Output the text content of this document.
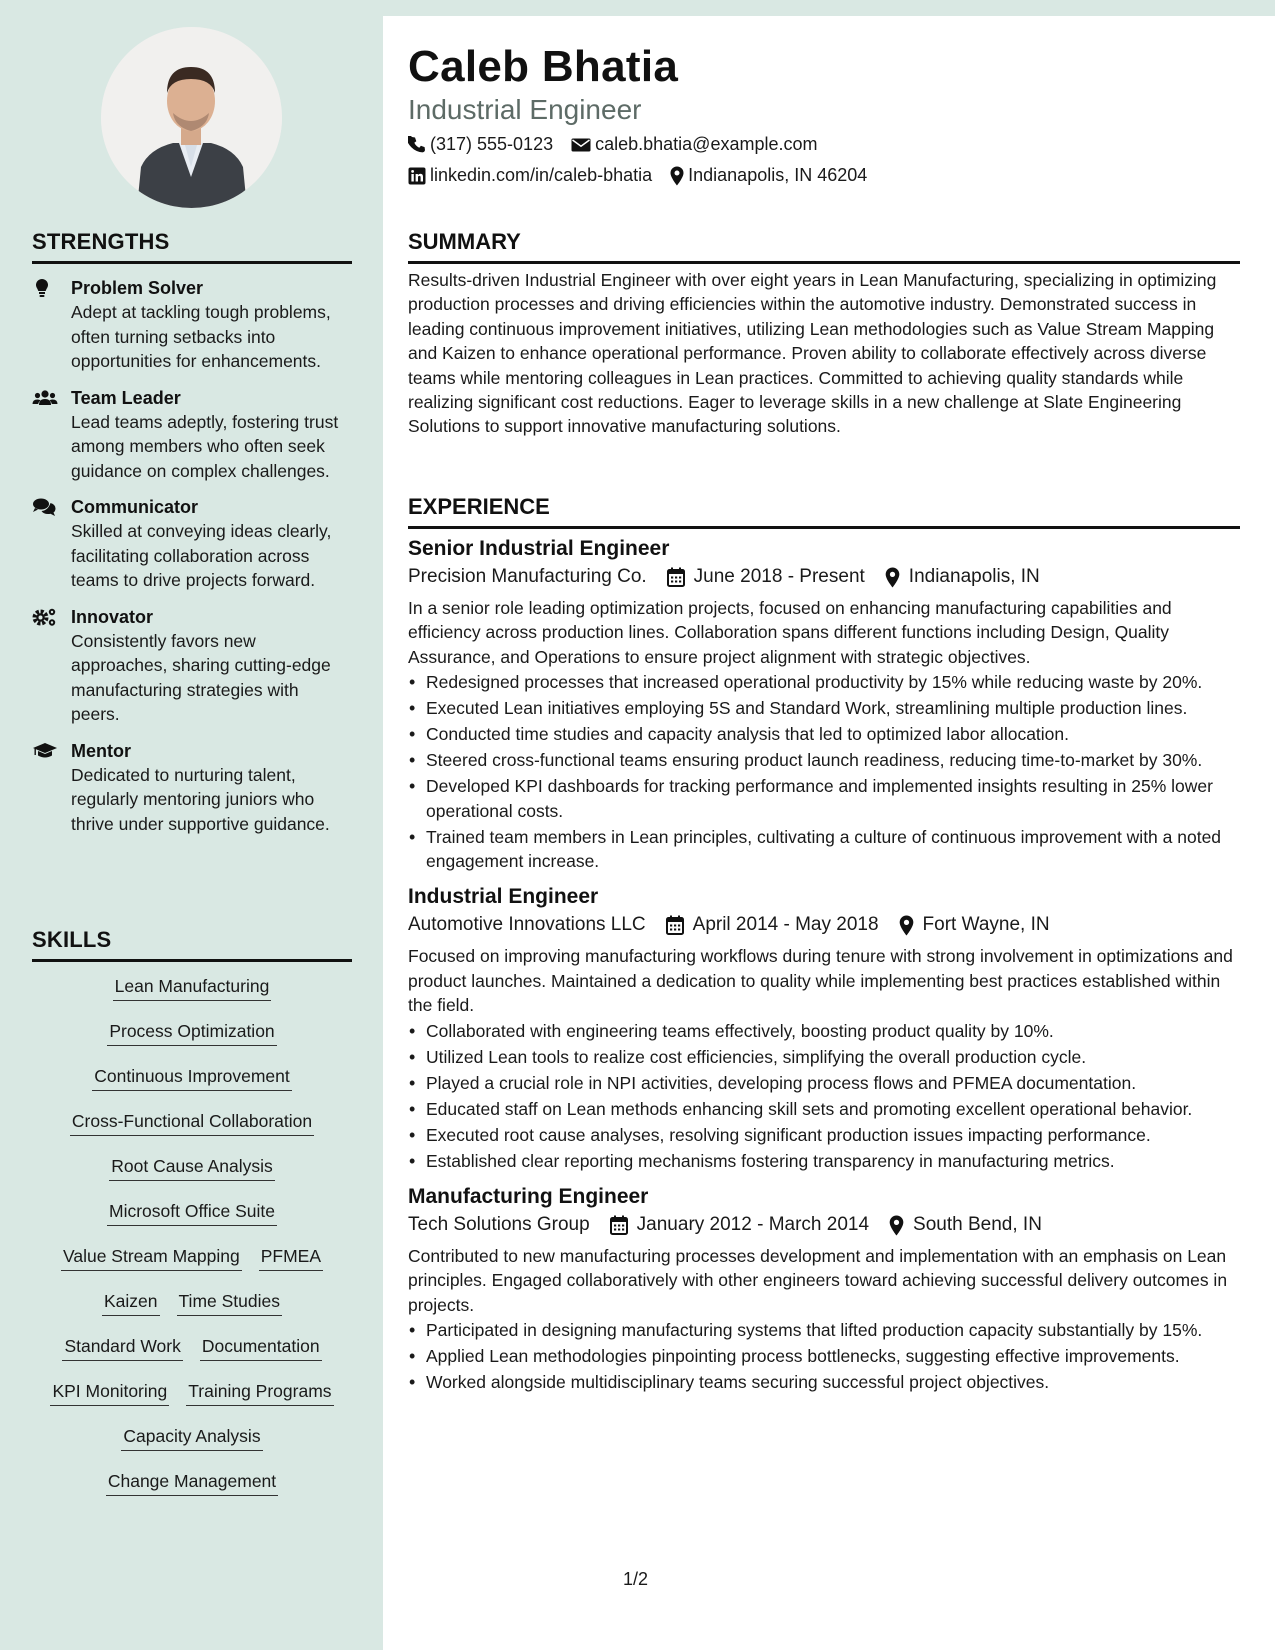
STRENGTHS
Problem Solver
Adept at tackling tough problems, often turning setbacks into opportunities for enhancements.
Team Leader
Lead teams adeptly, fostering trust among members who often seek guidance on complex challenges.
Communicator
Skilled at conveying ideas clearly, facilitating collaboration across teams to drive projects forward.
Innovator
Consistently favors new approaches, sharing cutting-edge manufacturing strategies with peers.
Mentor
Dedicated to nurturing talent, regularly mentoring juniors who thrive under supportive guidance.
SKILLS
Lean Manufacturing
Process Optimization
Continuous Improvement
Cross-Functional Collaboration
Root Cause Analysis
Microsoft Office Suite
Value Stream Mapping PFMEA
Kaizen Time Studies
Standard Work Documentation
KPI Monitoring Training Programs
Capacity Analysis
Change Management
Caleb Bhatia
Industrial Engineer
(317) 555-0123 caleb.bhatia@example.com
linkedin.com/in/caleb-bhatia Indianapolis, IN 46204
SUMMARY
Results-driven Industrial Engineer with over eight years in Lean Manufacturing, specializing in optimizing production processes and driving efficiencies within the automotive industry. Demonstrated success in leading continuous improvement initiatives, utilizing Lean methodologies such as Value Stream Mapping and Kaizen to enhance operational performance. Proven ability to collaborate effectively across diverse teams while mentoring colleagues in Lean practices. Committed to achieving quality standards while realizing significant cost reductions. Eager to leverage skills in a new challenge at Slate Engineering Solutions to support innovative manufacturing solutions.
EXPERIENCE
Senior Industrial Engineer
Precision Manufacturing Co. June 2018 - Present Indianapolis, IN
In a senior role leading optimization projects, focused on enhancing manufacturing capabilities and efficiency across production lines. Collaboration spans different functions including Design, Quality Assurance, and Operations to ensure project alignment with strategic objectives.
• Redesigned processes that increased operational productivity by 15% while reducing waste by 20%.
• Executed Lean initiatives employing 5S and Standard Work, streamlining multiple production lines.
• Conducted time studies and capacity analysis that led to optimized labor allocation.
• Steered cross-functional teams ensuring product launch readiness, reducing time-to-market by 30%.
• Developed KPI dashboards for tracking performance and implemented insights resulting in 25% lower operational costs.
• Trained team members in Lean principles, cultivating a culture of continuous improvement with a noted engagement increase.
Industrial Engineer
Automotive Innovations LLC April 2014 - May 2018 Fort Wayne, IN
Focused on improving manufacturing workflows during tenure with strong involvement in optimizations and product launches. Maintained a dedication to quality while implementing best practices established within the field.
• Collaborated with engineering teams effectively, boosting product quality by 10%.
• Utilized Lean tools to realize cost efficiencies, simplifying the overall production cycle.
• Played a crucial role in NPI activities, developing process flows and PFMEA documentation.
• Educated staff on Lean methods enhancing skill sets and promoting excellent operational behavior.
• Executed root cause analyses, resolving significant production issues impacting performance.
• Established clear reporting mechanisms fostering transparency in manufacturing metrics.
Manufacturing Engineer
Tech Solutions Group January 2012 - March 2014 South Bend, IN
Contributed to new manufacturing processes development and implementation with an emphasis on Lean principles. Engaged collaboratively with other engineers toward achieving successful delivery outcomes in projects.
• Participated in designing manufacturing systems that lifted production capacity substantially by 15%.
• Applied Lean methodologies pinpointing process bottlenecks, suggesting effective improvements.
• Worked alongside multidisciplinary teams securing successful project objectives.
1/2
